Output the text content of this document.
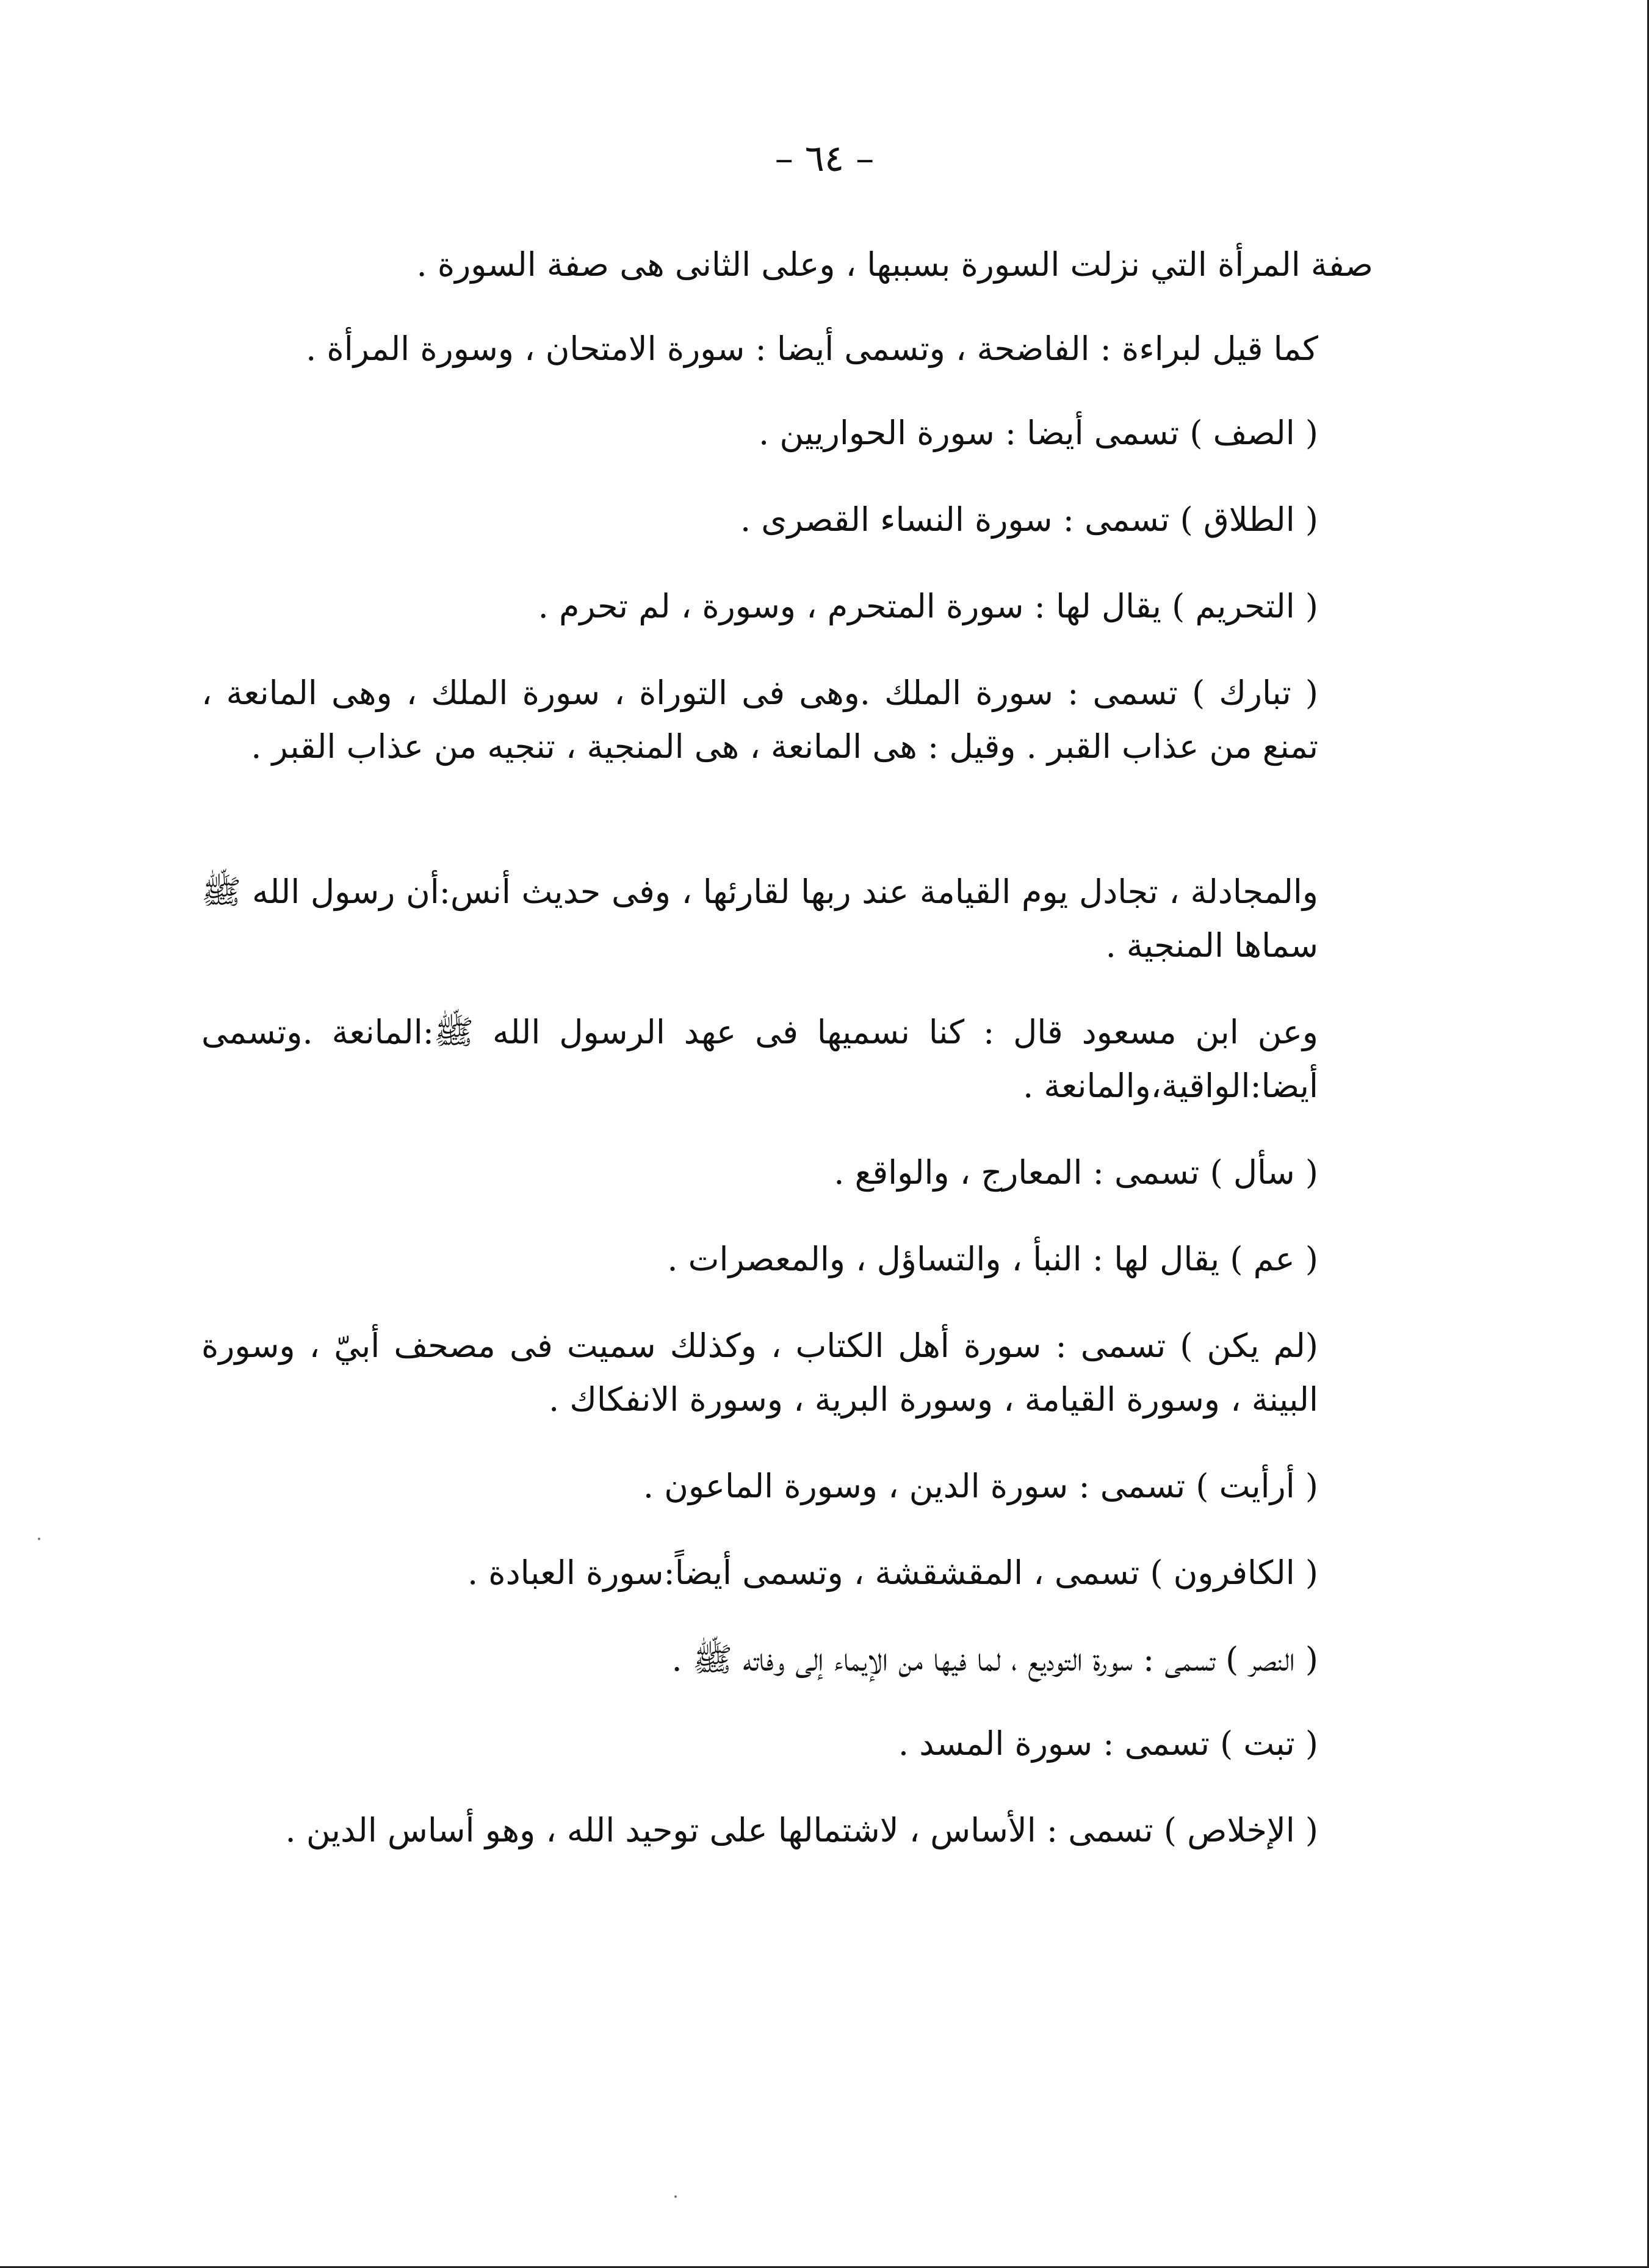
– ٦٤ –

صفة المرأة التي نزلت السورة بسببها ، وعلى الثانى هى صفة السورة .

كما قيل لبراءة : الفاضحة ، وتسمى أيضا : سورة الامتحان ، وسورة المرأة .

( الصف ) تسمى أيضا : سورة الحواريين .

( الطلاق ) تسمى : سورة النساء القصرى .

( التحريم ) يقال لها : سورة المتحرم ، وسورة ، لم تحرم .

( تبارك ) تسمى : سورة الملك .وهى فى التوراة ، سورة الملك ، وهى المانعة ، تمنع من عذاب القبر . وقيل : هى المانعة ، هى المنجية ، تنجيه من عذاب القبر .

والمجادلة ، تجادل يوم القيامة عند ربها لقارئها ، وفى حديث أنس:أن رسول الله ﷺ سماها المنجية .

وعن ابن مسعود قال : كنا نسميها فى عهد الرسول الله ﷺ:المانعة .وتسمى أيضا:الواقية،والمانعة .

( سأل ) تسمى : المعارج ، والواقع .

( عم ) يقال لها : النبأ ، والتساؤل ، والمعصرات .

(لم يكن ) تسمى : سورة أهل الكتاب ، وكذلك سميت فى مصحف أبيّ ، وسورة البينة ، وسورة القيامة ، وسورة البرية ، وسورة الانفكاك .

( أرأيت ) تسمى : سورة الدين ، وسورة الماعون .

( الكافرون ) تسمى ، المقشقشة ، وتسمى أيضاً:سورة العبادة .

( النصر ) تسمى : سورة التوديع ، لما فيها من الإيماء إلى وفاته ﷺ .

( تبت ) تسمى : سورة المسد .

( الإخلاص ) تسمى : الأساس ، لاشتمالها على توحيد الله ، وهو أساس الدين .
